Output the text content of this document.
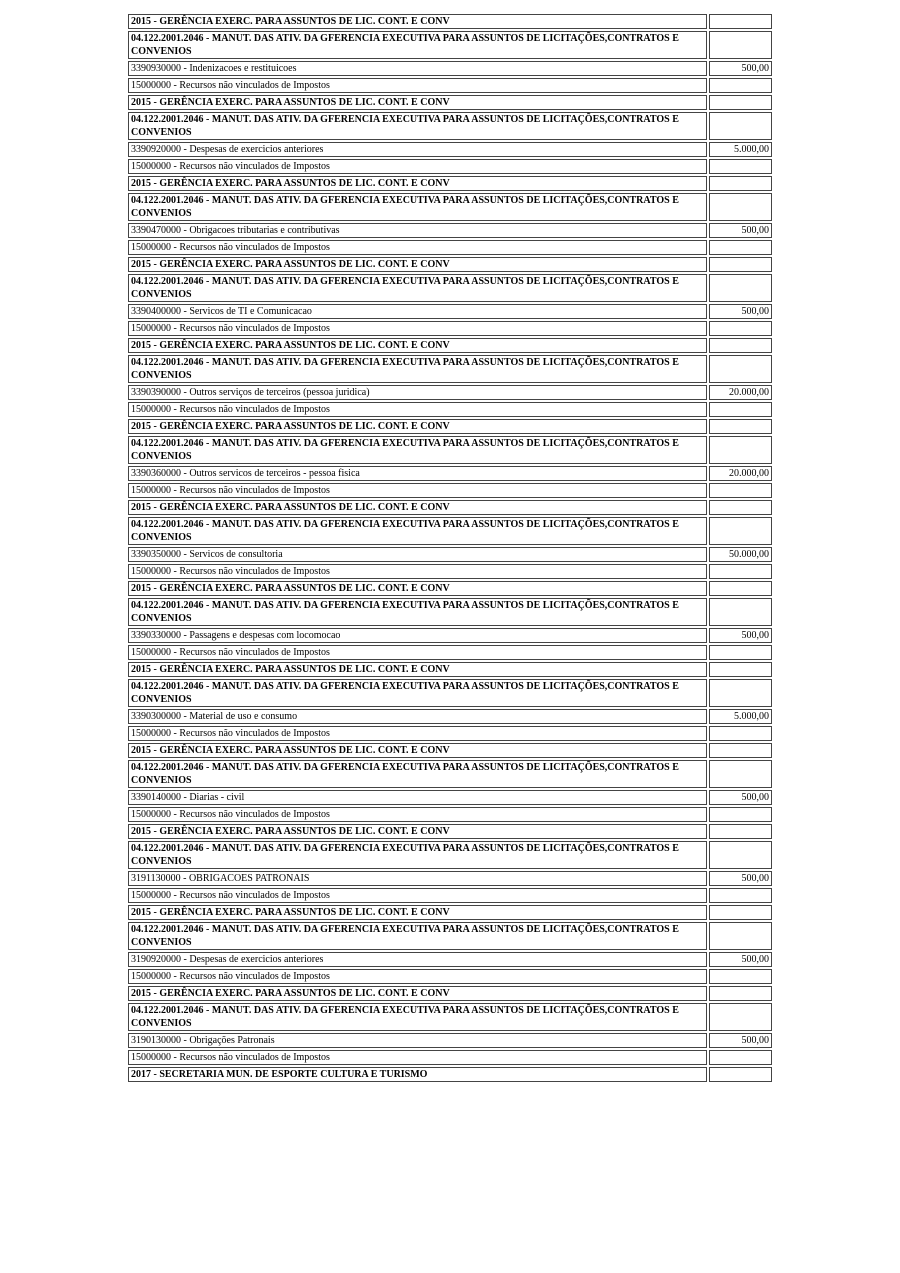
2015 - GERÊNCIA EXERC. PARA ASSUNTOS DE LIC. CONT. E CONV	
04.122.2001.2046 - MANUT. DAS ATIV. DA GFERENCIA EXECUTIVA PARA ASSUNTOS DE LICITAÇÕES,CONTRATOS E CONVENIOS	
3390930000 - Indenizacoes e restituicoes	500,00
15000000 - Recursos não vinculados de Impostos	
2015 - GERÊNCIA EXERC. PARA ASSUNTOS DE LIC. CONT. E CONV	
04.122.2001.2046 - MANUT. DAS ATIV. DA GFERENCIA EXECUTIVA PARA ASSUNTOS DE LICITAÇÕES,CONTRATOS E CONVENIOS	
3390920000 - Despesas de exercicios anteriores	5.000,00
15000000 - Recursos não vinculados de Impostos	
2015 - GERÊNCIA EXERC. PARA ASSUNTOS DE LIC. CONT. E CONV	
04.122.2001.2046 - MANUT. DAS ATIV. DA GFERENCIA EXECUTIVA PARA ASSUNTOS DE LICITAÇÕES,CONTRATOS E CONVENIOS	
3390470000 - Obrigacoes tributarias e contributivas	500,00
15000000 - Recursos não vinculados de Impostos	
2015 - GERÊNCIA EXERC. PARA ASSUNTOS DE LIC. CONT. E CONV	
04.122.2001.2046 - MANUT. DAS ATIV. DA GFERENCIA EXECUTIVA PARA ASSUNTOS DE LICITAÇÕES,CONTRATOS E CONVENIOS	
3390400000 - Servicos de TI e Comunicacao	500,00
15000000 - Recursos não vinculados de Impostos	
2015 - GERÊNCIA EXERC. PARA ASSUNTOS DE LIC. CONT. E CONV	
04.122.2001.2046 - MANUT. DAS ATIV. DA GFERENCIA EXECUTIVA PARA ASSUNTOS DE LICITAÇÕES,CONTRATOS E CONVENIOS	
3390390000 - Outros serviços de terceiros (pessoa juridica)	20.000,00
15000000 - Recursos não vinculados de Impostos	
2015 - GERÊNCIA EXERC. PARA ASSUNTOS DE LIC. CONT. E CONV	
04.122.2001.2046 - MANUT. DAS ATIV. DA GFERENCIA EXECUTIVA PARA ASSUNTOS DE LICITAÇÕES,CONTRATOS E CONVENIOS	
3390360000 - Outros servicos de terceiros - pessoa fisica	20.000,00
15000000 - Recursos não vinculados de Impostos	
2015 - GERÊNCIA EXERC. PARA ASSUNTOS DE LIC. CONT. E CONV	
04.122.2001.2046 - MANUT. DAS ATIV. DA GFERENCIA EXECUTIVA PARA ASSUNTOS DE LICITAÇÕES,CONTRATOS E CONVENIOS	
3390350000 - Servicos de consultoria	50.000,00
15000000 - Recursos não vinculados de Impostos	
2015 - GERÊNCIA EXERC. PARA ASSUNTOS DE LIC. CONT. E CONV	
04.122.2001.2046 - MANUT. DAS ATIV. DA GFERENCIA EXECUTIVA PARA ASSUNTOS DE LICITAÇÕES,CONTRATOS E CONVENIOS	
3390330000 - Passagens e despesas com locomocao	500,00
15000000 - Recursos não vinculados de Impostos	
2015 - GERÊNCIA EXERC. PARA ASSUNTOS DE LIC. CONT. E CONV	
04.122.2001.2046 - MANUT. DAS ATIV. DA GFERENCIA EXECUTIVA PARA ASSUNTOS DE LICITAÇÕES,CONTRATOS E CONVENIOS	
3390300000 - Material de uso e consumo	5.000,00
15000000 - Recursos não vinculados de Impostos	
2015 - GERÊNCIA EXERC. PARA ASSUNTOS DE LIC. CONT. E CONV	
04.122.2001.2046 - MANUT. DAS ATIV. DA GFERENCIA EXECUTIVA PARA ASSUNTOS DE LICITAÇÕES,CONTRATOS E CONVENIOS	
3390140000 - Diarias - civil	500,00
15000000 - Recursos não vinculados de Impostos	
2015 - GERÊNCIA EXERC. PARA ASSUNTOS DE LIC. CONT. E CONV	
04.122.2001.2046 - MANUT. DAS ATIV. DA GFERENCIA EXECUTIVA PARA ASSUNTOS DE LICITAÇÕES,CONTRATOS E CONVENIOS	
3191130000 - OBRIGACOES PATRONAIS	500,00
15000000 - Recursos não vinculados de Impostos	
2015 - GERÊNCIA EXERC. PARA ASSUNTOS DE LIC. CONT. E CONV	
04.122.2001.2046 - MANUT. DAS ATIV. DA GFERENCIA EXECUTIVA PARA ASSUNTOS DE LICITAÇÕES,CONTRATOS E CONVENIOS	
3190920000 - Despesas de exercicios anteriores	500,00
15000000 - Recursos não vinculados de Impostos	
2015 - GERÊNCIA EXERC. PARA ASSUNTOS DE LIC. CONT. E CONV	
04.122.2001.2046 - MANUT. DAS ATIV. DA GFERENCIA EXECUTIVA PARA ASSUNTOS DE LICITAÇÕES,CONTRATOS E CONVENIOS	
3190130000 - Obrigações Patronais	500,00
15000000 - Recursos não vinculados de Impostos	
2017 - SECRETARIA MUN. DE ESPORTE CULTURA E TURISMO	
